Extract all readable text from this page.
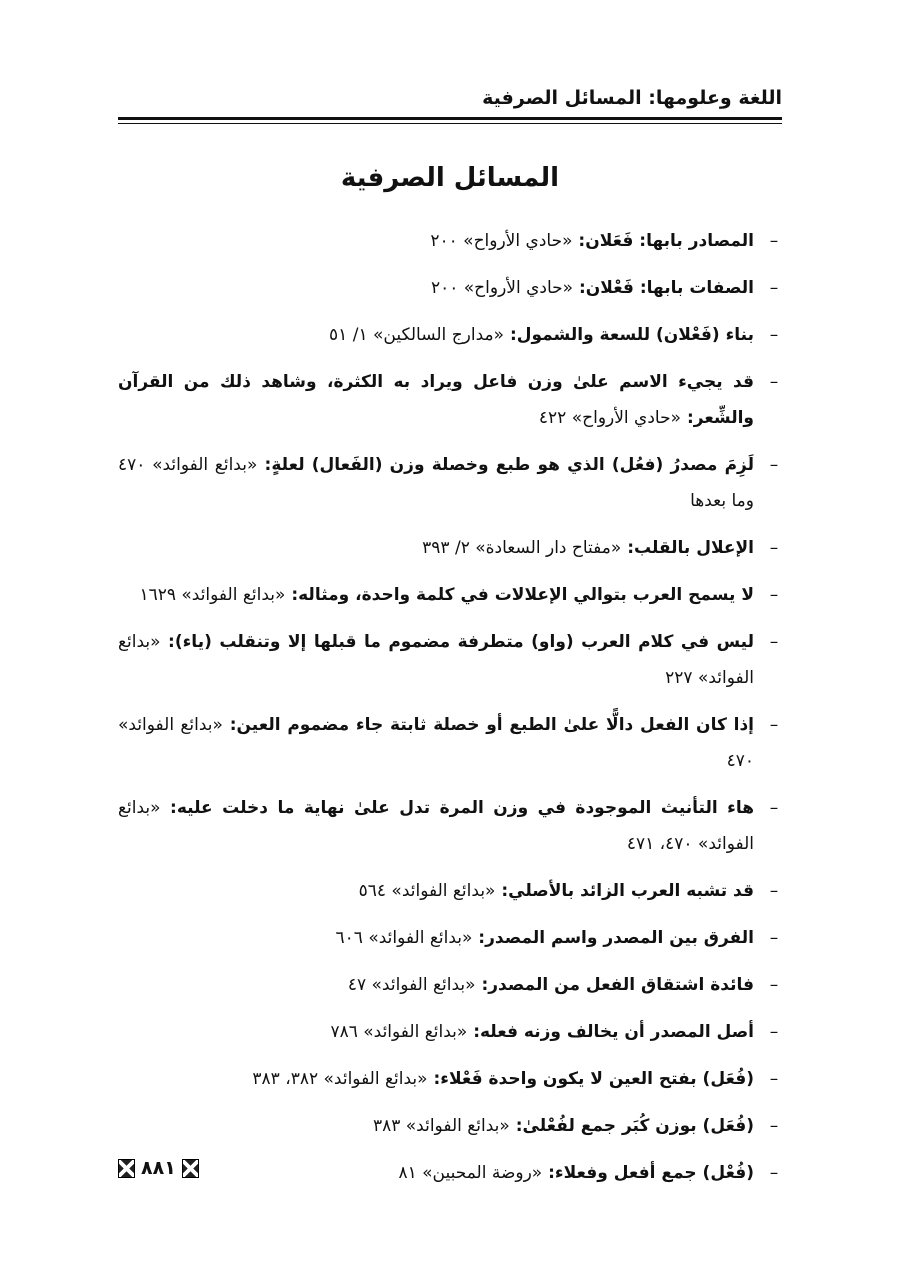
اللغة وعلومها: المسائل الصرفية
المسائل الصرفية
–
المصادر بابها: فَعَلان: «حادي الأرواح» ٢٠٠
–
الصفات بابها: فَعْلان: «حادي الأرواح» ٢٠٠
–
بناء (فَعْلان) للسعة والشمول: «مدارج السالكين» ١/ ٥١
–
قد يجيء الاسم علىٰ وزن فاعل ويراد به الكثرة، وشاهد ذلك من القرآن والشِّعر: «حادي الأرواح» ٤٢٢
–
لَزِمَ مصدرُ (فعُل) الذي هو طبع وخصلة وزن (الفَعال) لعلةٍ: «بدائع الفوائد» ٤٧٠ وما بعدها
–
الإعلال بالقلب: «مفتاح دار السعادة» ٢/ ٣٩٣
–
لا يسمح العرب بتوالي الإعلالات في كلمة واحدة، ومثاله: «بدائع الفوائد» ١٦٢٩
–
ليس في كلام العرب (واو) متطرفة مضموم ما قبلها إلا وتنقلب (ياء): «بدائع الفوائد» ٢٢٧
–
إذا كان الفعل دالًّا علىٰ الطبع أو خصلة ثابتة جاء مضموم العين: «بدائع الفوائد» ٤٧٠
–
هاء التأنيث الموجودة في وزن المرة تدل علىٰ نهاية ما دخلت عليه: «بدائع الفوائد» ٤٧٠، ٤٧١
–
قد تشبه العرب الزائد بالأصلي: «بدائع الفوائد» ٥٦٤
–
الفرق بين المصدر واسم المصدر: «بدائع الفوائد» ٦٠٦
–
فائدة اشتقاق الفعل من المصدر: «بدائع الفوائد» ٤٧
–
أصل المصدر أن يخالف وزنه فعله: «بدائع الفوائد» ٧٨٦
–
(فُعَل) بفتح العين لا يكون واحدة فَعْلاء: «بدائع الفوائد» ٣٨٢، ٣٨٣
–
(فُعَل) بوزن كُبَر جمع لفُعْلىٰ: «بدائع الفوائد» ٣٨٣
–
(فُعْل) جمع أفعل وفعلاء: «روضة المحبين» ٨١
٨٨١
